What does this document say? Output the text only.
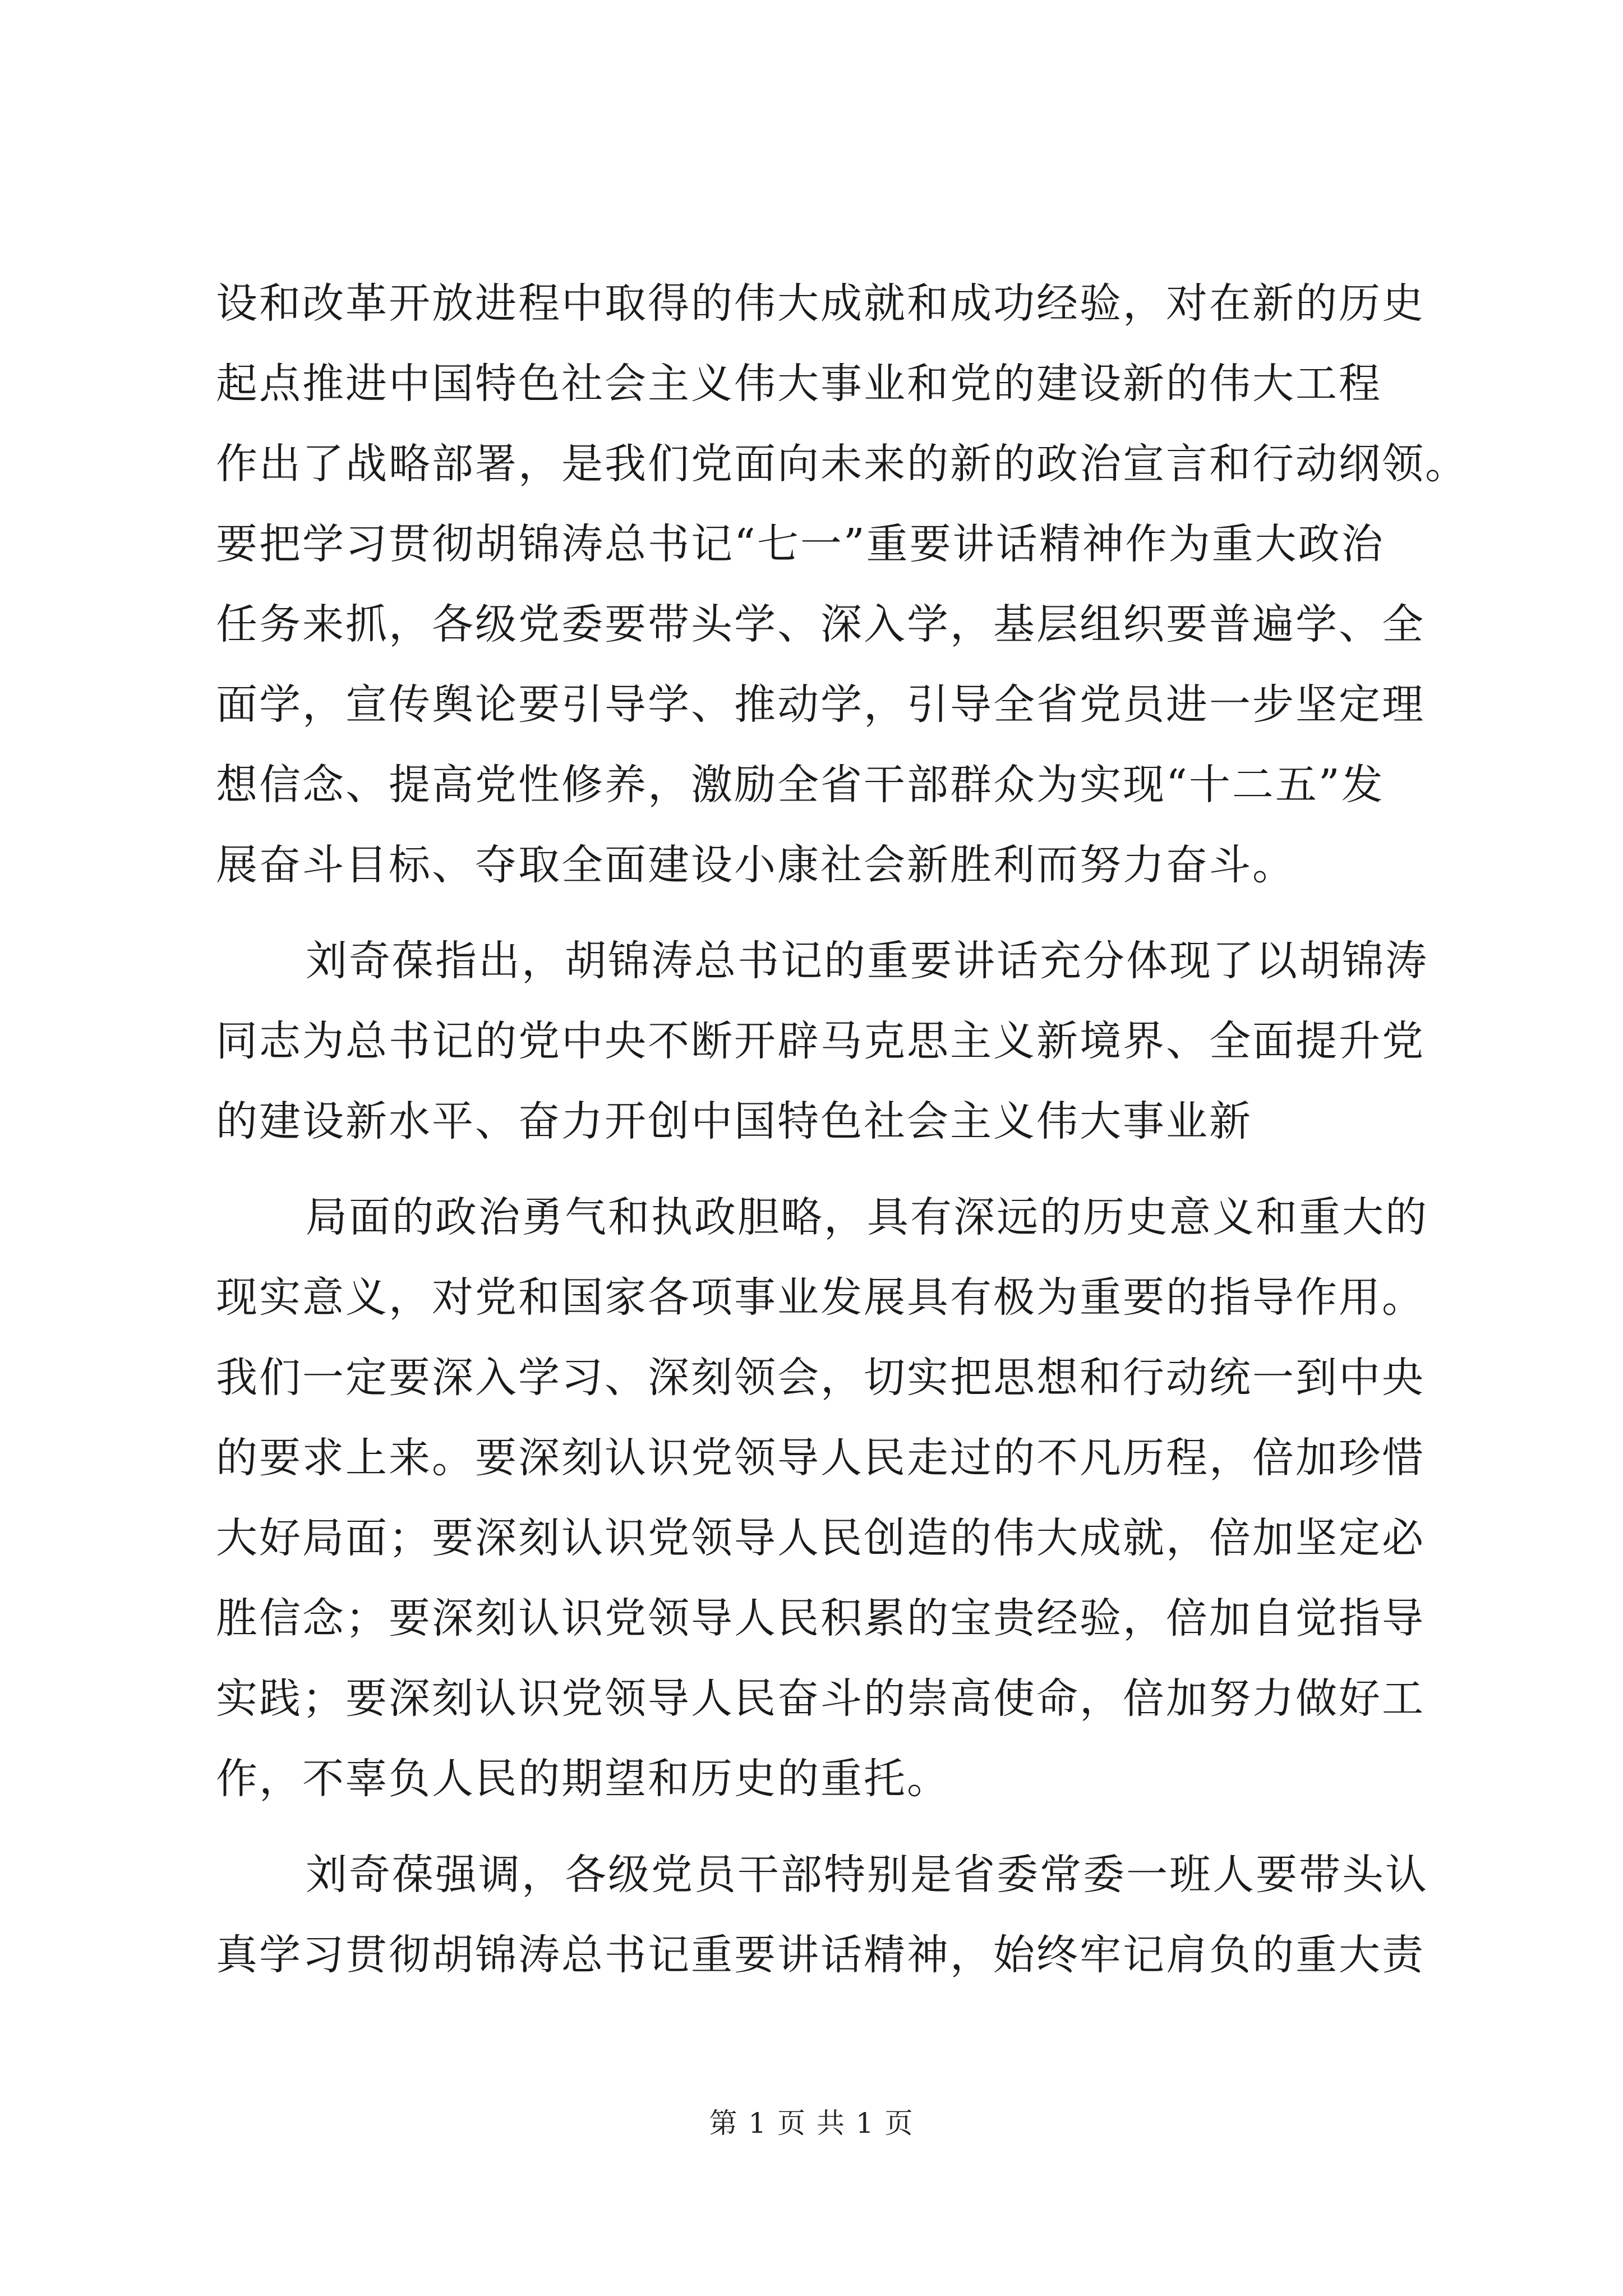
设和改革开放进程中取得的伟大成就和成功经验，对在新的历史
起点推进中国特色社会主义伟大事业和党的建设新的伟大工程
作出了战略部署，是我们党面向未来的新的政治宣言和行动纲领。
要把学习贯彻胡锦涛总书记“七一”重要讲话精神作为重大政治
任务来抓，各级党委要带头学、深入学，基层组织要普遍学、全
面学，宣传舆论要引导学、推动学，引导全省党员进一步坚定理
想信念、提高党性修养，激励全省干部群众为实现“十二五”发
展奋斗目标、夺取全面建设小康社会新胜利而努力奋斗。
刘奇葆指出，胡锦涛总书记的重要讲话充分体现了以胡锦涛
同志为总书记的党中央不断开辟马克思主义新境界、全面提升党
的建设新水平、奋力开创中国特色社会主义伟大事业新
局面的政治勇气和执政胆略，具有深远的历史意义和重大的
现实意义，对党和国家各项事业发展具有极为重要的指导作用。
我们一定要深入学习、深刻领会，切实把思想和行动统一到中央
的要求上来。要深刻认识党领导人民走过的不凡历程，倍加珍惜
大好局面；要深刻认识党领导人民创造的伟大成就，倍加坚定必
胜信念；要深刻认识党领导人民积累的宝贵经验，倍加自觉指导
实践；要深刻认识党领导人民奋斗的崇高使命，倍加努力做好工
作，不辜负人民的期望和历史的重托。
刘奇葆强调，各级党员干部特别是省委常委一班人要带头认
真学习贯彻胡锦涛总书记重要讲话精神，始终牢记肩负的重大责
第 1 页 共 1 页
